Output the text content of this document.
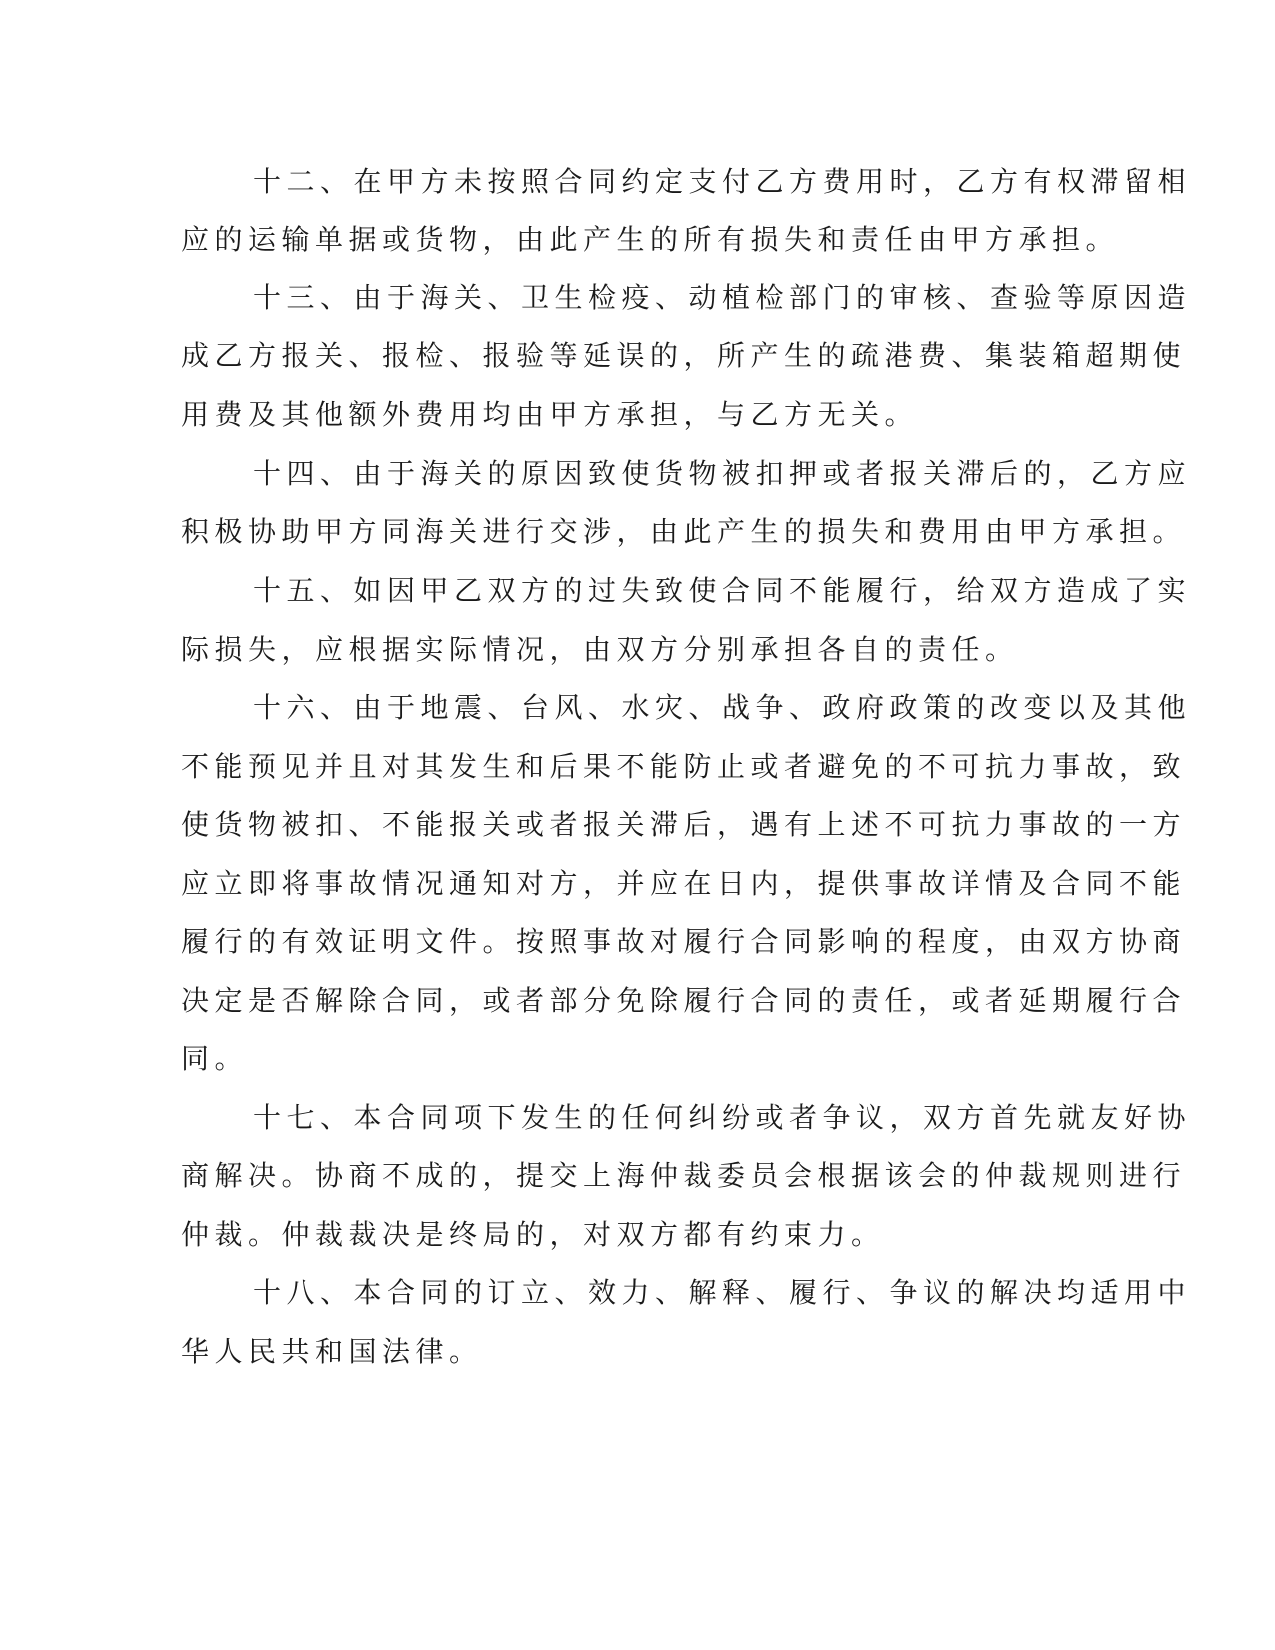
十二、在甲方未按照合同约定支付乙方费用时，乙方有权滞留相
应的运输单据或货物，由此产生的所有损失和责任由甲方承担。
十三、由于海关、卫生检疫、动植检部门的审核、查验等原因造
成乙方报关、报检、报验等延误的，所产生的疏港费、集装箱超期使
用费及其他额外费用均由甲方承担，与乙方无关。
十四、由于海关的原因致使货物被扣押或者报关滞后的，乙方应
积极协助甲方同海关进行交涉，由此产生的损失和费用由甲方承担。
十五、如因甲乙双方的过失致使合同不能履行，给双方造成了实
际损失，应根据实际情况，由双方分别承担各自的责任。
十六、由于地震、台风、水灾、战争、政府政策的改变以及其他
不能预见并且对其发生和后果不能防止或者避免的不可抗力事故，致
使货物被扣、不能报关或者报关滞后，遇有上述不可抗力事故的一方
应立即将事故情况通知对方，并应在日内，提供事故详情及合同不能
履行的有效证明文件。按照事故对履行合同影响的程度，由双方协商
决定是否解除合同，或者部分免除履行合同的责任，或者延期履行合
同。
十七、本合同项下发生的任何纠纷或者争议，双方首先就友好协
商解决。协商不成的，提交上海仲裁委员会根据该会的仲裁规则进行
仲裁。仲裁裁决是终局的，对双方都有约束力。
十八、本合同的订立、效力、解释、履行、争议的解决均适用中
华人民共和国法律。
